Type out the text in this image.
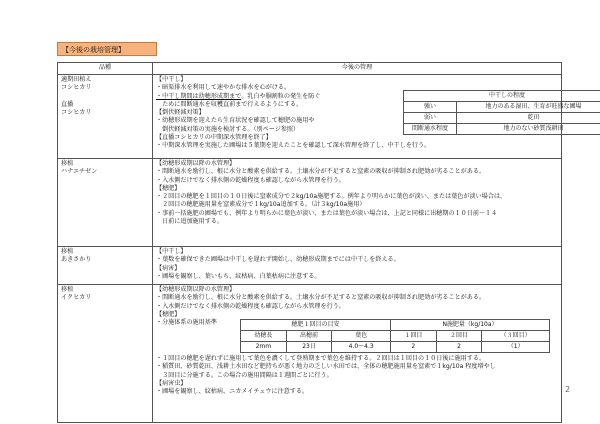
【今後の栽培管理】
品種	今後の管理

適期田植え
コシヒカリ

直播
コシヒカリ

【中干し】
・暗渠排水を利用して速やかな排水を心がける。
・中干し期間は幼穂形成期まで。乳白や胴割粒の発生を防ぐ
　ために間断通水を収穫直前まで行えるようにする。
【倒伏軽減対策】
・幼穂形成期を迎えたら生育状況を確認して穂肥の施用や
　倒伏軽減対策の実施を検討する。（別ページ参照）
【直播コシヒカリの中期深水管理を終了】
・中期深水管理を実施した圃場は５葉期を迎えたことを確認して深水管理を終了し、中干しを行う。
中干しの程度
強い	地力のある湿田、生育が旺盛な圃場
弱い	乾田
間断通水程度	地力のない砂質浅耕田

移植
ハナエチゼン

【幼穂形成期以降の水管理】
・間断通水を励行し、根に水分と酸素を供給する。土壌水分が不足すると窒素の吸収が抑制され肥効が劣ることがある。
・入水側だけでなく排水側の乾燥程度も確認しながら水管理を行う。
【穂肥】
・２回目の穂肥を１回目の１０日後に窒素成分で２kg/10a施肥する。例年より明らかに葉色が淡い、または葉色が淡い場合は、
　２回目の穂肥施用量を窒素成分で１kg/10a追加する。（計３kg/10a施用）
・事前一括施肥の圃場でも、例年より明らかに葉色が淡い、または葉色が淡い場合は、上記と同様に出穂期の１０日前～１４
　日前に追加施用する。

移植
あきさかり

【中干し】
・葉数を確保できた圃場は中干しを遅れず開始し、幼穂形成期までには中干しを終える。
【病害】
・圃場を観察し、葉いもち、紋枯病、白葉枯病に注意する。

移植
イクヒカリ

【幼穂形成期以降の水管理】
・間断通水を励行し、根に水分と酸素を供給する。土壌水分が不足すると窒素の吸収が抑制され肥効が劣ることがある。
・入水側だけでなく排水側の乾燥程度も確認しながら水管理を行う。
【穂肥】
・分施体系の施用基準	穂肥１回目の目安	N施肥量（kg/10a）
幼穂長	出穂前	葉色	１回目	２回目	（３回目）
2mm	23日	4.0～4.3	2	2	（1）
・１回目の穂肥を遅れずに施用して葉色を濃くして登熟期まで葉色を維持する。２回目は１回目の１０日後に施用する。
・稲質田、砂質乾田、浅耕土水田など肥持ちが悪く地力の乏しい水田では、全体の穂肥施用量を窒素で１kg/10a 程度増やし
　３回目に分施する。この場合の施用間隔は１週間ごとに行う。
【病害虫】
・圃場を観察し、紋枯病、ニカメイチュウに注意する。	2
